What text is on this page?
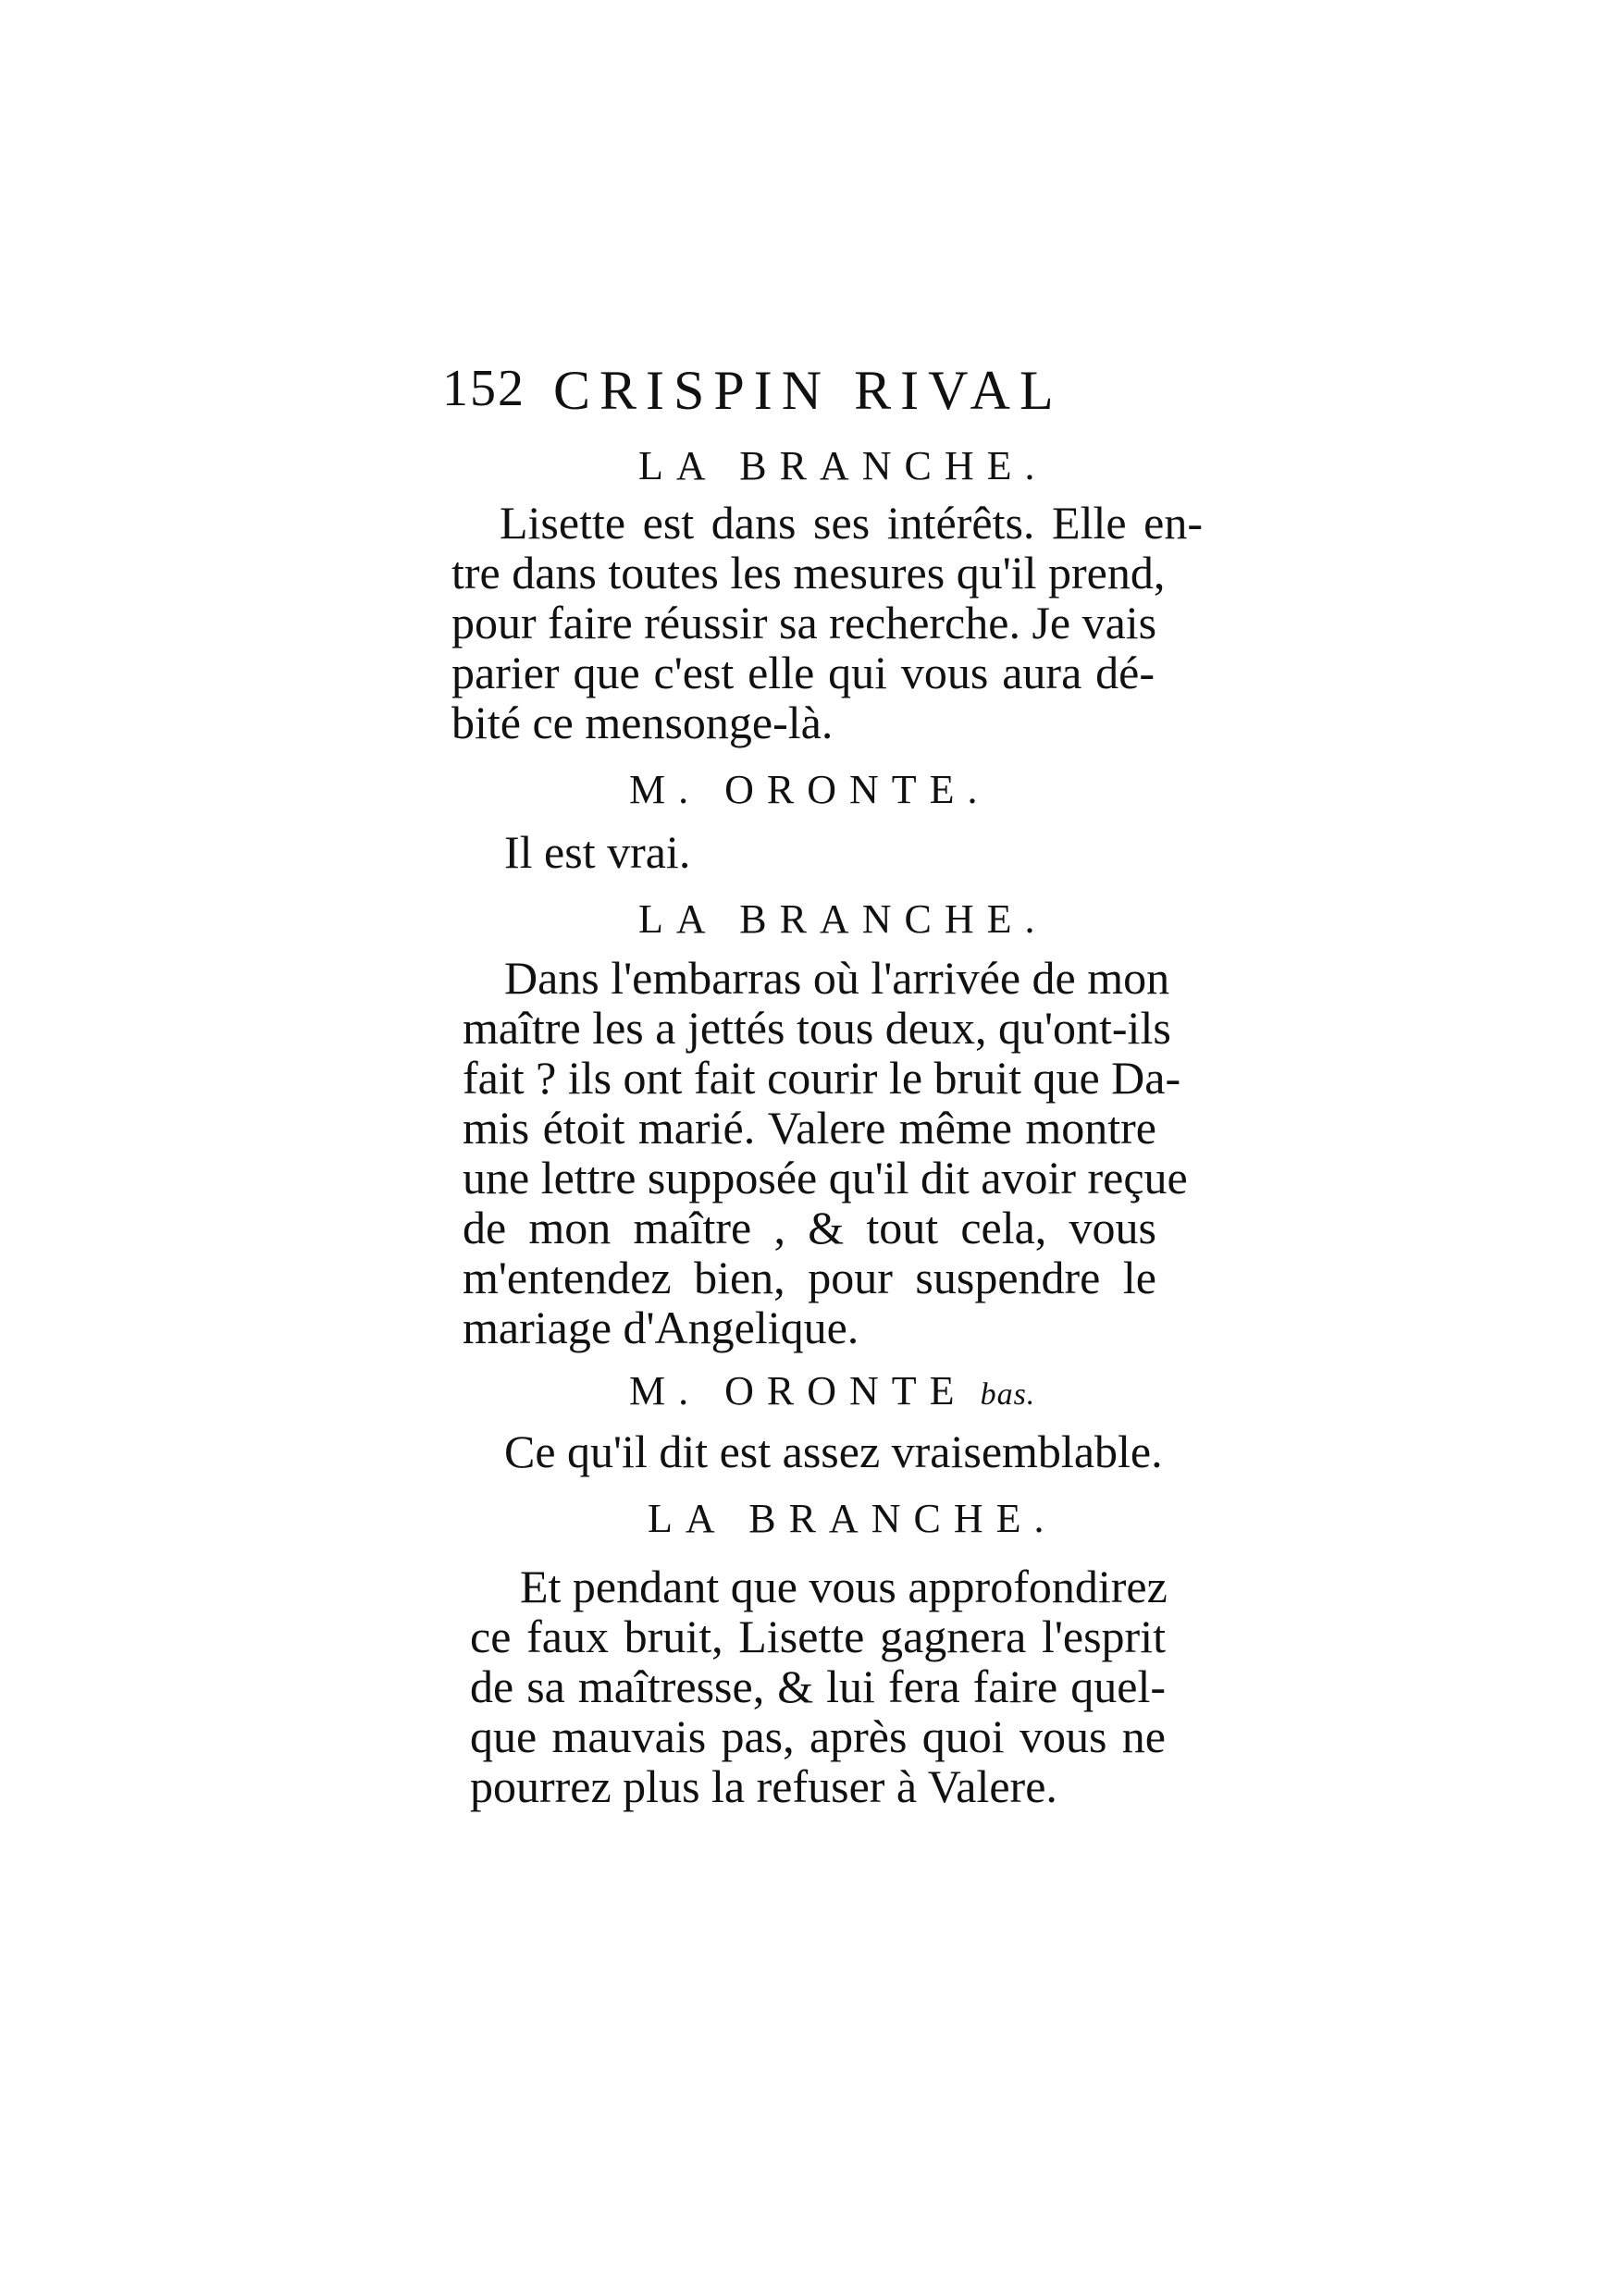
152 CRISPIN RIVAL
LA BRANCHE.
Lisette est dans ses intérêts. Elle en-
tre dans toutes les mesures qu'il prend,
pour faire réussir sa recherche. Je vais
parier que c'est elle qui vous aura dé-
bité ce mensonge-là.
M. ORONTE.
Il est vrai.
LA BRANCHE.
Dans l'embarras où l'arrivée de mon
maître les a jettés tous deux, qu'ont-ils
fait ? ils ont fait courir le bruit que Da-
mis étoit marié. Valere même montre
une lettre supposée qu'il dit avoir reçue
de mon maître , & tout cela, vous
m'entendez bien, pour suspendre le
mariage d'Angelique.
M. ORONTE bas.
Ce qu'il dit est assez vraisemblable.
LA BRANCHE.
Et pendant que vous approfondirez
ce faux bruit, Lisette gagnera l'esprit
de sa maîtresse, & lui fera faire quel-
que mauvais pas, après quoi vous ne
pourrez plus la refuser à Valere.
